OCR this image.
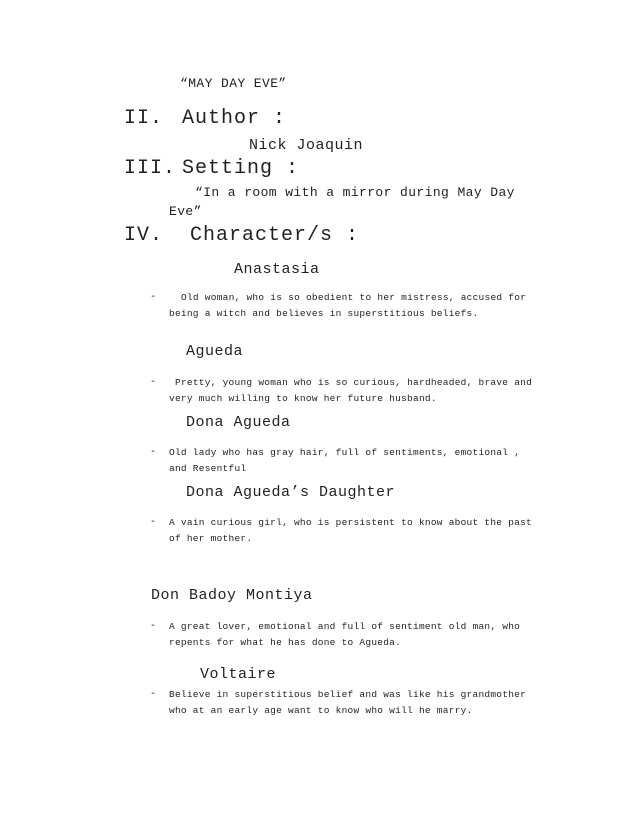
“MAY DAY EVE”
II. Author :
Nick Joaquin
III. Setting :
“In a room with a mirror during May Day
Eve”
IV. Character/s :
Anastasia
-	Old woman, who is so obedient to her mistress, accused for
being a witch and believes in superstitious beliefs.
Agueda
- Pretty, young woman who is so curious, hardheaded, brave and
very much willing to know her future husband.
Dona Agueda
- Old lady who has gray hair, full of sentiments, emotional ,
and Resentful
Dona Agueda’s Daughter
- A vain curious girl, who is persistent to know about the past
of her mother.
Don Badoy Montiya
- A great lover, emotional and full of sentiment old man, who
repents for what he has done to Agueda.
Voltaire
- Believe in superstitious belief and was like his grandmother
who at an early age want to know who will he marry.
